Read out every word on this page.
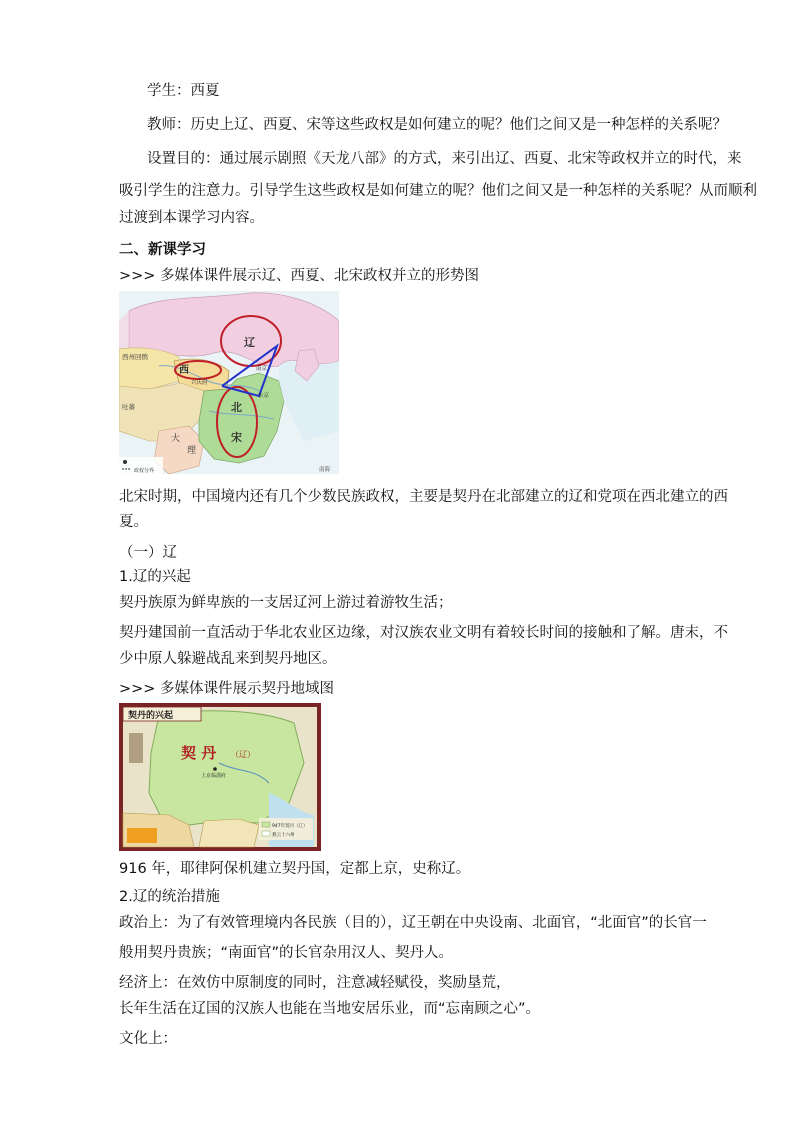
学生：西夏
教师：历史上辽、西夏、宋等这些政权是如何建立的呢？他们之间又是一种怎样的关系呢？
设置目的：通过展示剧照《天龙八部》的方式，来引出辽、西夏、北宋等政权并立的时代，来
吸引学生的注意力。引导学生这些政权是如何建立的呢？他们之间又是一种怎样的关系呢？从而顺利
过渡到本课学习内容。
二、新课学习
>>> 多媒体课件展示辽、西夏、北宋政权并立的形势图
辽
西
北
宋
西州回鹘
吐蕃
大
理
兴庆府
南京
东京
南海
政权分界
北宋时期，中国境内还有几个少数民族政权，主要是契丹在北部建立的辽和党项在西北建立的西
夏。
（一）辽
1.辽的兴起
契丹族原为鲜卑族的一支居辽河上游过着游牧生活；
契丹建国前一直活动于华北农业区边缘，对汉族农业文明有着较长时间的接触和了解。唐末，不
少中原人躲避战乱来到契丹地区。
>>> 多媒体课件展示契丹地域图
契丹的兴起
契 丹 （辽）
上京临潢府
947年契丹（辽）
燕云十六州
916 年，耶律阿保机建立契丹国，定都上京，史称辽。
2.辽的统治措施
政治上：为了有效管理境内各民族（目的），辽王朝在中央设南、北面官，“北面官”的长官一
般用契丹贵族；“南面官”的长官杂用汉人、契丹人。
经济上：在效仿中原制度的同时，注意减轻赋役，奖励垦荒，
长年生活在辽国的汉族人也能在当地安居乐业，而“忘南顾之心”。
文化上：
